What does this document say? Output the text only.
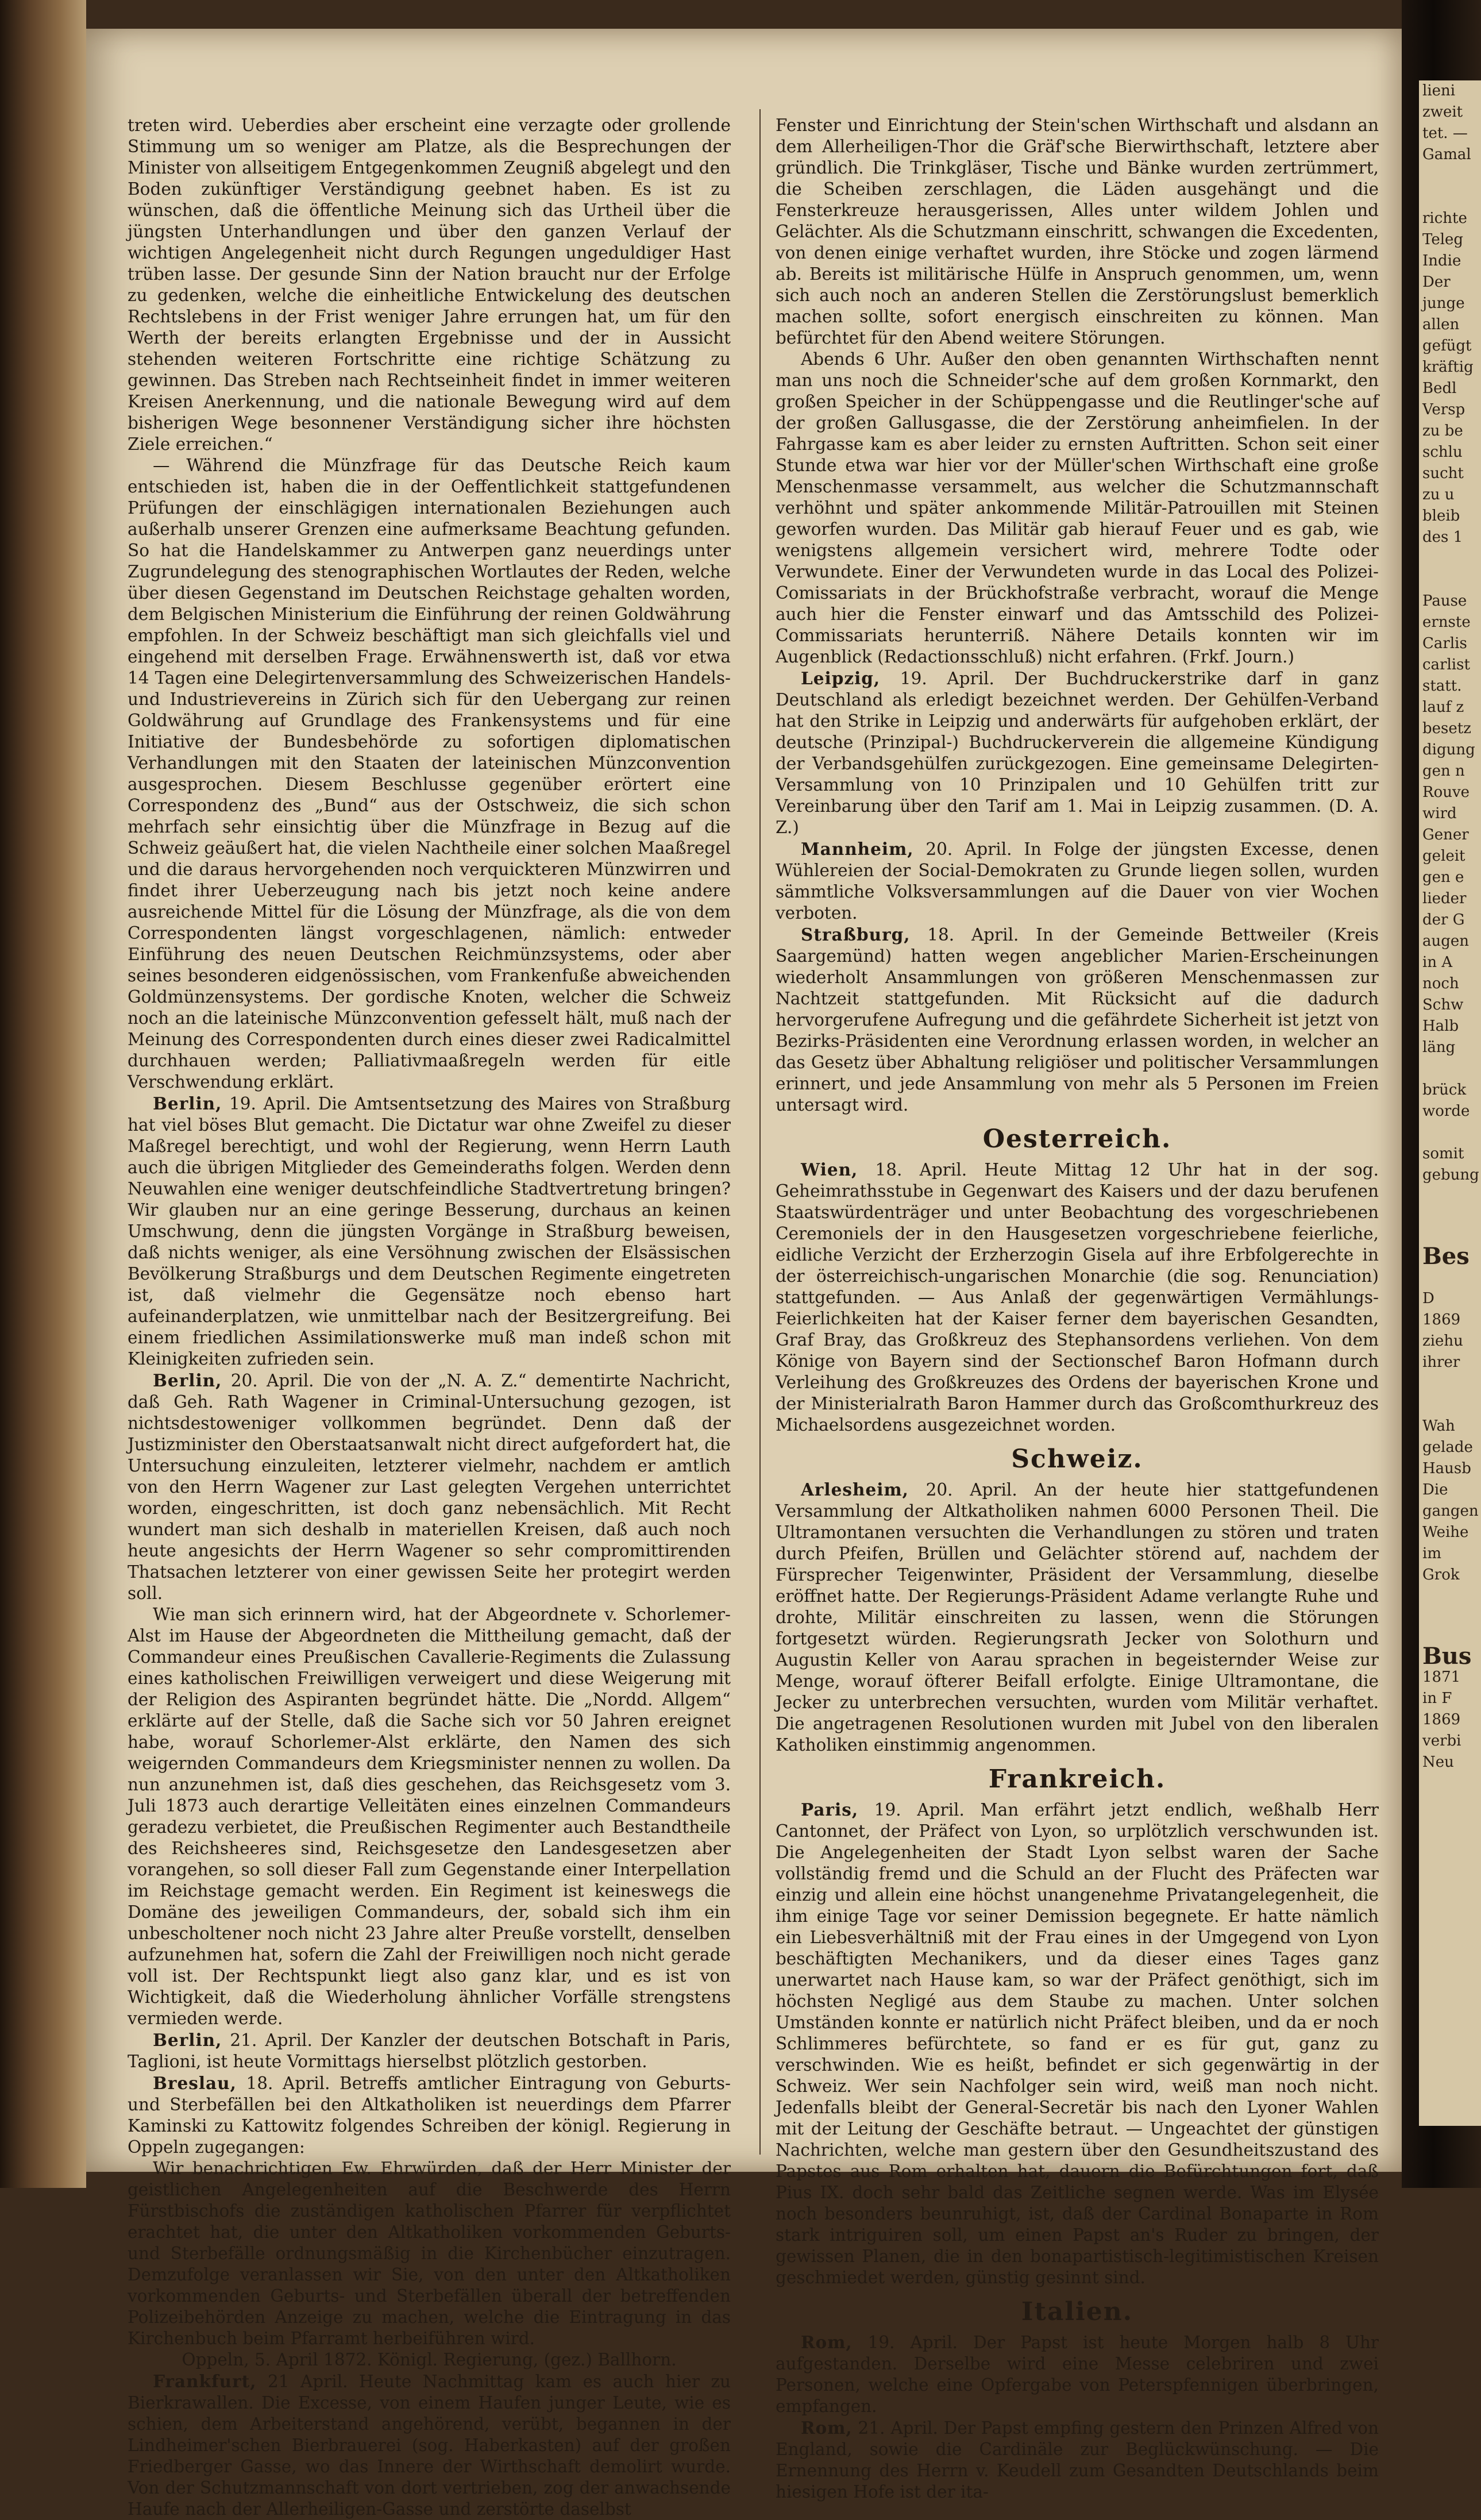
treten wird. Ueberdies aber erscheint eine verzagte oder grollende Stimmung um so weniger am Platze, als die Besprechungen der Minister von allseitigem Entgegenkommen Zeugniß abgelegt und den Boden zukünftiger Verständigung geebnet haben. Es ist zu wünschen, daß die öffentliche Meinung sich das Urtheil über die jüngsten Unterhandlungen und über den ganzen Verlauf der wichtigen Angelegenheit nicht durch Regungen ungeduldiger Hast trüben lasse. Der gesunde Sinn der Nation braucht nur der Erfolge zu gedenken, welche die einheitliche Entwickelung des deutschen Rechtslebens in der Frist weniger Jahre errungen hat, um für den Werth der bereits erlangten Ergebnisse und der in Aussicht stehenden weiteren Fortschritte eine richtige Schätzung zu gewinnen. Das Streben nach Rechtseinheit findet in immer weiteren Kreisen Anerkennung, und die nationale Bewegung wird auf dem bisherigen Wege besonnener Verständigung sicher ihre höchsten Ziele erreichen.“

— Während die Münzfrage für das Deutsche Reich kaum entschieden ist, haben die in der Oeffentlichkeit stattgefundenen Prüfungen der einschlägigen internationalen Beziehungen auch außerhalb unserer Grenzen eine aufmerksame Beachtung gefunden. So hat die Handelskammer zu Antwerpen ganz neuerdings unter Zugrundelegung des stenographischen Wortlautes der Reden, welche über diesen Gegenstand im Deutschen Reichstage gehalten worden, dem Belgischen Ministerium die Einführung der reinen Goldwährung empfohlen. In der Schweiz beschäftigt man sich gleichfalls viel und eingehend mit derselben Frage. Erwähnenswerth ist, daß vor etwa 14 Tagen eine Delegirtenversammlung des Schweizerischen Handels- und Industrievereins in Zürich sich für den Uebergang zur reinen Goldwährung auf Grundlage des Frankensystems und für eine Initiative der Bundesbehörde zu sofortigen diplomatischen Verhandlungen mit den Staaten der lateinischen Münzconvention ausgesprochen. Diesem Beschlusse gegenüber erörtert eine Correspondenz des „Bund“ aus der Ostschweiz, die sich schon mehrfach sehr einsichtig über die Münzfrage in Bezug auf die Schweiz geäußert hat, die vielen Nachtheile einer solchen Maaßregel und die daraus hervorgehenden noch verquickteren Münzwirren und findet ihrer Ueberzeugung nach bis jetzt noch keine andere ausreichende Mittel für die Lösung der Münzfrage, als die von dem Correspondenten längst vorgeschlagenen, nämlich: entweder Einführung des neuen Deutschen Reichmünzsystems, oder aber seines besonderen eidgenössischen, vom Frankenfuße abweichenden Goldmünzensystems. Der gordische Knoten, welcher die Schweiz noch an die lateinische Münzconvention gefesselt hält, muß nach der Meinung des Correspondenten durch eines dieser zwei Radicalmittel durchhauen werden; Palliativmaaßregeln werden für eitle Verschwendung erklärt.

Berlin, 19. April. Die Amtsentsetzung des Maires von Straßburg hat viel böses Blut gemacht. Die Dictatur war ohne Zweifel zu dieser Maßregel berechtigt, und wohl der Regierung, wenn Herrn Lauth auch die übrigen Mitglieder des Gemeinderaths folgen. Werden denn Neuwahlen eine weniger deutschfeindliche Stadtvertretung bringen? Wir glauben nur an eine geringe Besserung, durchaus an keinen Umschwung, denn die jüngsten Vorgänge in Straßburg beweisen, daß nichts weniger, als eine Versöhnung zwischen der Elsässischen Bevölkerung Straßburgs und dem Deutschen Regimente eingetreten ist, daß vielmehr die Gegensätze noch ebenso hart aufeinanderplatzen, wie unmittelbar nach der Besitzergreifung. Bei einem friedlichen Assimilationswerke muß man indeß schon mit Kleinigkeiten zufrieden sein.

Berlin, 20. April. Die von der „N. A. Z.“ dementirte Nachricht, daß Geh. Rath Wagener in Criminal-Untersuchung gezogen, ist nichtsdestoweniger vollkommen begründet. Denn daß der Justizminister den Oberstaatsanwalt nicht direct aufgefordert hat, die Untersuchung einzuleiten, letzterer vielmehr, nachdem er amtlich von den Herrn Wagener zur Last gelegten Vergehen unterrichtet worden, eingeschritten, ist doch ganz nebensächlich. Mit Recht wundert man sich deshalb in materiellen Kreisen, daß auch noch heute angesichts der Herrn Wagener so sehr compromittirenden Thatsachen letzterer von einer gewissen Seite her protegirt werden soll.

Wie man sich erinnern wird, hat der Abgeordnete v. Schorlemer-Alst im Hause der Abgeordneten die Mittheilung gemacht, daß der Commandeur eines Preußischen Cavallerie-Regiments die Zulassung eines katholischen Freiwilligen verweigert und diese Weigerung mit der Religion des Aspiranten begründet hätte. Die „Nordd. Allgem“ erklärte auf der Stelle, daß die Sache sich vor 50 Jahren ereignet habe, worauf Schorlemer-Alst erklärte, den Namen des sich weigernden Commandeurs dem Kriegsminister nennen zu wollen. Da nun anzunehmen ist, daß dies geschehen, das Reichsgesetz vom 3. Juli 1873 auch derartige Velleitäten eines einzelnen Commandeurs geradezu verbietet, die Preußischen Regimenter auch Bestandtheile des Reichsheeres sind, Reichsgesetze den Landesgesetzen aber vorangehen, so soll dieser Fall zum Gegenstande einer Interpellation im Reichstage gemacht werden. Ein Regiment ist keineswegs die Domäne des jeweiligen Commandeurs, der, sobald sich ihm ein unbescholtener noch nicht 23 Jahre alter Preuße vorstellt, denselben aufzunehmen hat, sofern die Zahl der Freiwilligen noch nicht gerade voll ist. Der Rechtspunkt liegt also ganz klar, und es ist von Wichtigkeit, daß die Wiederholung ähnlicher Vorfälle strengstens vermieden werde.

Berlin, 21. April. Der Kanzler der deutschen Botschaft in Paris, Taglioni, ist heute Vormittags hierselbst plötzlich gestorben.

Breslau, 18. April. Betreffs amtlicher Eintragung von Geburts- und Sterbefällen bei den Altkatholiken ist neuerdings dem Pfarrer Kaminski zu Kattowitz folgendes Schreiben der königl. Regierung in Oppeln zugegangen:

Wir benachrichtigen Ew. Ehrwürden, daß der Herr Minister der geistlichen Angelegenheiten auf die Beschwerde des Herrn Fürstbischofs die zuständigen katholischen Pfarrer für verpflichtet erachtet hat, die unter den Altkatholiken vorkommenden Geburts- und Sterbefälle ordnungsmäßig in die Kirchenbücher einzutragen. Demzufolge veranlassen wir Sie, von den unter den Altkatholiken vorkommenden Geburts- und Sterbefällen überall der betreffenden Polizeibehörden Anzeige zu machen, welche die Eintragung in das Kirchenbuch beim Pfarramt herbeiführen wird.

Oppeln, 5. April 1872. Königl. Regierung, (gez.) Ballhorn.

Frankfurt, 21 April. Heute Nachmittag kam es auch hier zu Bierkrawallen. Die Excesse, von einem Haufen junger Leute, wie es schien, dem Arbeiterstand angehörend, verübt, begannen in der Lindheimer'schen Bierbrauerei (sog. Haberkasten) auf der großen Friedberger Gasse, wo das Innere der Wirthschaft demolirt wurde. Von der Schutzmannschaft von dort vertrieben, zog der anwachsende Haufe nach der Allerheiligen-Gasse und zerstörte daselbst

Fenster und Einrichtung der Stein'schen Wirthschaft und alsdann an dem Allerheiligen-Thor die Gräf'sche Bierwirthschaft, letztere aber gründlich. Die Trinkgläser, Tische und Bänke wurden zertrümmert, die Scheiben zerschlagen, die Läden ausgehängt und die Fensterkreuze herausgerissen, Alles unter wildem Johlen und Gelächter. Als die Schutzmann einschritt, schwangen die Excedenten, von denen einige verhaftet wurden, ihre Stöcke und zogen lärmend ab. Bereits ist militärische Hülfe in Anspruch genommen, um, wenn sich auch noch an anderen Stellen die Zerstörungslust bemerklich machen sollte, sofort energisch einschreiten zu können. Man befürchtet für den Abend weitere Störungen.

Abends 6 Uhr. Außer den oben genannten Wirthschaften nennt man uns noch die Schneider'sche auf dem großen Kornmarkt, den großen Speicher in der Schüppengasse und die Reutlinger'sche auf der großen Gallusgasse, die der Zerstörung anheimfielen. In der Fahrgasse kam es aber leider zu ernsten Auftritten. Schon seit einer Stunde etwa war hier vor der Müller'schen Wirthschaft eine große Menschenmasse versammelt, aus welcher die Schutzmannschaft verhöhnt und später ankommende Militär-Patrouillen mit Steinen geworfen wurden. Das Militär gab hierauf Feuer und es gab, wie wenigstens allgemein versichert wird, mehrere Todte oder Verwundete. Einer der Verwundeten wurde in das Local des Polizei-Comissariats in der Brückhofstraße verbracht, worauf die Menge auch hier die Fenster einwarf und das Amtsschild des Polizei-Commissariats herunterriß. Nähere Details konnten wir im Augenblick (Redactionsschluß) nicht erfahren. (Frkf. Journ.)

Leipzig, 19. April. Der Buchdruckerstrike darf in ganz Deutschland als erledigt bezeichnet werden. Der Gehülfen-Verband hat den Strike in Leipzig und anderwärts für aufgehoben erklärt, der deutsche (Prinzipal-) Buchdruckerverein die allgemeine Kündigung der Verbandsgehülfen zurückgezogen. Eine gemeinsame Delegirten-Versammlung von 10 Prinzipalen und 10 Gehülfen tritt zur Vereinbarung über den Tarif am 1. Mai in Leipzig zusammen. (D. A. Z.)

Mannheim, 20. April. In Folge der jüngsten Excesse, denen Wühlereien der Social-Demokraten zu Grunde liegen sollen, wurden sämmtliche Volksversammlungen auf die Dauer von vier Wochen verboten.

Straßburg, 18. April. In der Gemeinde Bettweiler (Kreis Saargemünd) hatten wegen angeblicher Marien-Erscheinungen wiederholt Ansammlungen von größeren Menschenmassen zur Nachtzeit stattgefunden. Mit Rücksicht auf die dadurch hervorgerufene Aufregung und die gefährdete Sicherheit ist jetzt von Bezirks-Präsidenten eine Verordnung erlassen worden, in welcher an das Gesetz über Abhaltung religiöser und politischer Versammlungen erinnert, und jede Ansammlung von mehr als 5 Personen im Freien untersagt wird.

Oesterreich.

Wien, 18. April. Heute Mittag 12 Uhr hat in der sog. Geheimrathsstube in Gegenwart des Kaisers und der dazu berufenen Staatswürdenträger und unter Beobachtung des vorgeschriebenen Ceremoniels der in den Hausgesetzen vorgeschriebene feierliche, eidliche Verzicht der Erzherzogin Gisela auf ihre Erbfolgerechte in der österreichisch-ungarischen Monarchie (die sog. Renunciation) stattgefunden. — Aus Anlaß der gegenwärtigen Vermählungs-Feierlichkeiten hat der Kaiser ferner dem bayerischen Gesandten, Graf Bray, das Großkreuz des Stephansordens verliehen. Von dem Könige von Bayern sind der Sectionschef Baron Hofmann durch Verleihung des Großkreuzes des Ordens der bayerischen Krone und der Ministerialrath Baron Hammer durch das Großcomthurkreuz des Michaelsordens ausgezeichnet worden.

Schweiz.

Arlesheim, 20. April. An der heute hier stattgefundenen Versammlung der Altkatholiken nahmen 6000 Personen Theil. Die Ultramontanen versuchten die Verhandlungen zu stören und traten durch Pfeifen, Brüllen und Gelächter störend auf, nachdem der Fürsprecher Teigenwinter, Präsident der Versammlung, dieselbe eröffnet hatte. Der Regierungs-Präsident Adame verlangte Ruhe und drohte, Militär einschreiten zu lassen, wenn die Störungen fortgesetzt würden. Regierungsrath Jecker von Solothurn und Augustin Keller von Aarau sprachen in begeisternder Weise zur Menge, worauf öfterer Beifall erfolgte. Einige Ultramontane, die Jecker zu unterbrechen versuchten, wurden vom Militär verhaftet. Die angetragenen Resolutionen wurden mit Jubel von den liberalen Katholiken einstimmig angenommen.

Frankreich.

Paris, 19. April. Man erfährt jetzt endlich, weßhalb Herr Cantonnet, der Präfect von Lyon, so urplötzlich verschwunden ist. Die Angelegenheiten der Stadt Lyon selbst waren der Sache vollständig fremd und die Schuld an der Flucht des Präfecten war einzig und allein eine höchst unangenehme Privatangelegenheit, die ihm einige Tage vor seiner Demission begegnete. Er hatte nämlich ein Liebesverhältniß mit der Frau eines in der Umgegend von Lyon beschäftigten Mechanikers, und da dieser eines Tages ganz unerwartet nach Hause kam, so war der Präfect genöthigt, sich im höchsten Negligé aus dem Staube zu machen. Unter solchen Umständen konnte er natürlich nicht Präfect bleiben, und da er noch Schlimmeres befürchtete, so fand er es für gut, ganz zu verschwinden. Wie es heißt, befindet er sich gegenwärtig in der Schweiz. Wer sein Nachfolger sein wird, weiß man noch nicht. Jedenfalls bleibt der General-Secretär bis nach den Lyoner Wahlen mit der Leitung der Geschäfte betraut. — Ungeachtet der günstigen Nachrichten, welche man gestern über den Gesundheitszustand des Papstes aus Rom erhalten hat, dauern die Befürchtungen fort, daß Pius IX. doch sehr bald das Zeitliche segnen werde. Was im Elysée noch besonders beunruhigt, ist, daß der Cardinal Bonaparte in Rom stark intriguiren soll, um einen Papst an's Ruder zu bringen, der gewissen Planen, die in den bonapartistisch-legitimistischen Kreisen geschmiedet werden, günstig gesinnt sind.

Italien.

Rom, 19. April. Der Papst ist heute Morgen halb 8 Uhr aufgestanden. Derselbe wird eine Messe celebriren und zwei Personen, welche eine Opfergabe von Peterspfennigen überbringen, empfangen.

Rom, 21. April. Der Papst empfing gestern den Prinzen Alfred von England, sowie die Cardinäle zur Beglückwünschung. — Die Ernennung des Herrn v. Keudell zum Gesandten Deutschlands beim hiesigen Hofe ist der ita-

lieni
zweit
tet. —
Gamal

richte
Teleg
Indie
Der
junge
allen
gefügt
kräftig
Bedl
Versp
zu be
schlu
sucht
zu u
bleib
des 1

Pause
ernste
Carlis
carlist
statt.
lauf z
besetz
digung
gen n
Rouve
wird
Gener
geleit
gen e
lieder
der G
augen
in A
noch
Schw
Halb
läng

brück
worde

somit
gebung

Bes

D
1869
ziehu
ihrer

Wah
gelade
Hausb
Die
gangen
Weihe
im
Grok

Bus
1871
in F
1869
verbi
Neu
